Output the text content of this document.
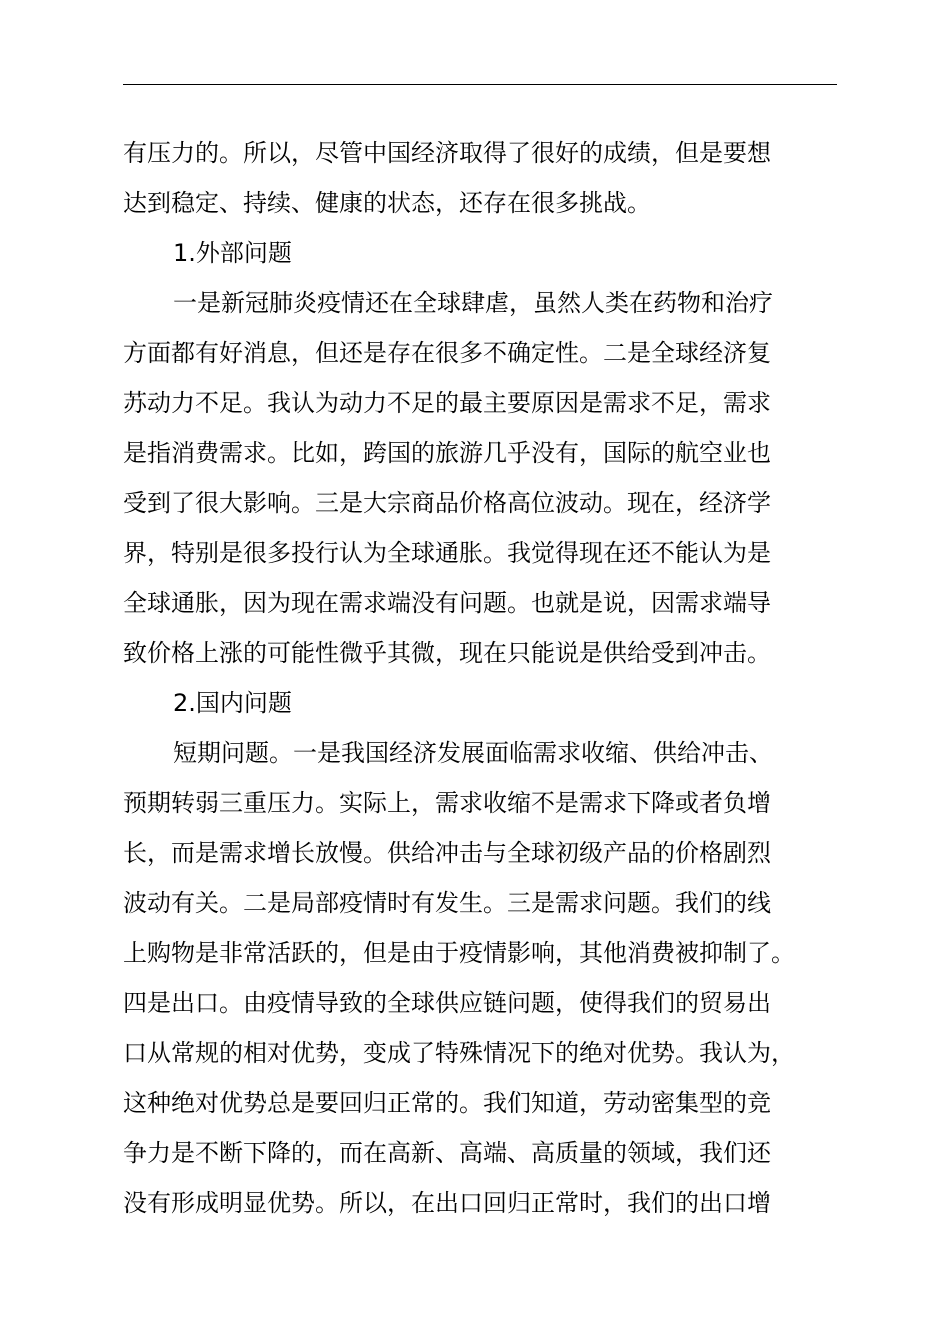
有压力的。所以，尽管中国经济取得了很好的成绩，但是要想
达到稳定、持续、健康的状态，还存在很多挑战。
1.外部问题
一是新冠肺炎疫情还在全球肆虐，虽然人类在药物和治疗
方面都有好消息，但还是存在很多不确定性。二是全球经济复
苏动力不足。我认为动力不足的最主要原因是需求不足，需求
是指消费需求。比如，跨国的旅游几乎没有，国际的航空业也
受到了很大影响。三是大宗商品价格高位波动。现在，经济学
界，特别是很多投行认为全球通胀。我觉得现在还不能认为是
全球通胀，因为现在需求端没有问题。也就是说，因需求端导
致价格上涨的可能性微乎其微，现在只能说是供给受到冲击。
2.国内问题
短期问题。一是我国经济发展面临需求收缩、供给冲击、
预期转弱三重压力。实际上，需求收缩不是需求下降或者负增
长，而是需求增长放慢。供给冲击与全球初级产品的价格剧烈
波动有关。二是局部疫情时有发生。三是需求问题。我们的线
上购物是非常活跃的，但是由于疫情影响，其他消费被抑制了。
四是出口。由疫情导致的全球供应链问题，使得我们的贸易出
口从常规的相对优势，变成了特殊情况下的绝对优势。我认为，
这种绝对优势总是要回归正常的。我们知道，劳动密集型的竞
争力是不断下降的，而在高新、高端、高质量的领域，我们还
没有形成明显优势。所以，在出口回归正常时，我们的出口增
